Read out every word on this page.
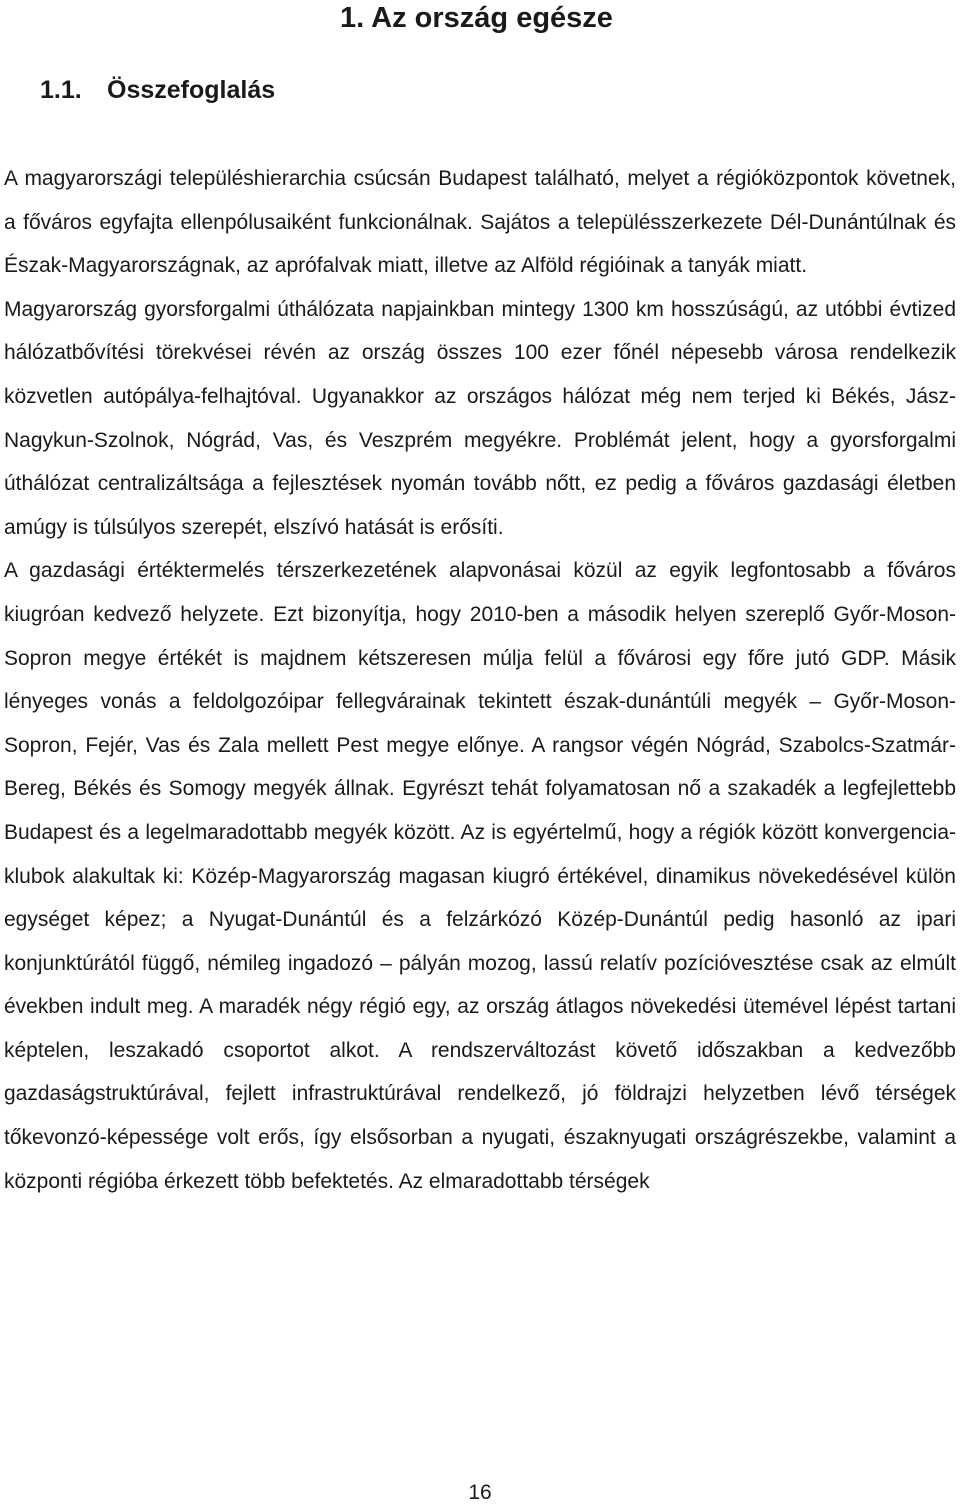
1. Az ország egésze
1.1. Összefoglalás

A magyarországi településhierarchia csúcsán Budapest található, melyet a régióközpontok követnek, a főváros egyfajta ellenpólusaiként funkcionálnak. Sajátos a településszerkezete Dél-Dunántúlnak és Észak-Magyarországnak, az aprófalvak miatt, illetve az Alföld régióinak a tanyák miatt.

Magyarország gyorsforgalmi úthálózata napjainkban mintegy 1300 km hosszúságú, az utóbbi évtized hálózatbővítési törekvései révén az ország összes 100 ezer főnél népesebb városa rendelkezik közvetlen autópálya-felhajtóval. Ugyanakkor az országos hálózat még nem terjed ki Békés, Jász-Nagykun-Szolnok, Nógrád, Vas, és Veszprém megyékre. Problémát jelent, hogy a gyorsforgalmi úthálózat centralizáltsága a fejlesztések nyomán tovább nőtt, ez pedig a főváros gazdasági életben amúgy is túlsúlyos szerepét, elszívó hatását is erősíti.

A gazdasági értéktermelés térszerkezetének alapvonásai közül az egyik legfontosabb a főváros kiugróan kedvező helyzete. Ezt bizonyítja, hogy 2010-ben a második helyen szereplő Győr-Moson-Sopron megye értékét is majdnem kétszeresen múlja felül a fővárosi egy főre jutó GDP. Másik lényeges vonás a feldolgozóipar fellegvárainak tekintett észak-dunántúli megyék – Győr-Moson-Sopron, Fejér, Vas és Zala mellett Pest megye előnye. A rangsor végén Nógrád, Szabolcs-Szatmár-Bereg, Békés és Somogy megyék állnak. Egyrészt tehát folyamatosan nő a szakadék a legfejlettebb Budapest és a legelmaradottabb megyék között. Az is egyértelmű, hogy a régiók között konvergencia-klubok alakultak ki: Közép-Magyarország magasan kiugró értékével, dinamikus növekedésével külön egységet képez; a Nyugat-Dunántúl és a felzárkózó Közép-Dunántúl pedig hasonló az ipari konjunktúrától függő, némileg ingadozó – pályán mozog, lassú relatív pozícióvesztése csak az elmúlt években indult meg. A maradék négy régió egy, az ország átlagos növekedési ütemével lépést tartani képtelen, leszakadó csoportot alkot. A rendszerváltozást követő időszakban a kedvezőbb gazdaságstruktúrával, fejlett infrastruktúrával rendelkező, jó földrajzi helyzetben lévő térségek tőkevonzó-képessége volt erős, így elsősorban a nyugati, északnyugati országrészekbe, valamint a központi régióba érkezett több befektetés. Az elmaradottabb térségek

16
